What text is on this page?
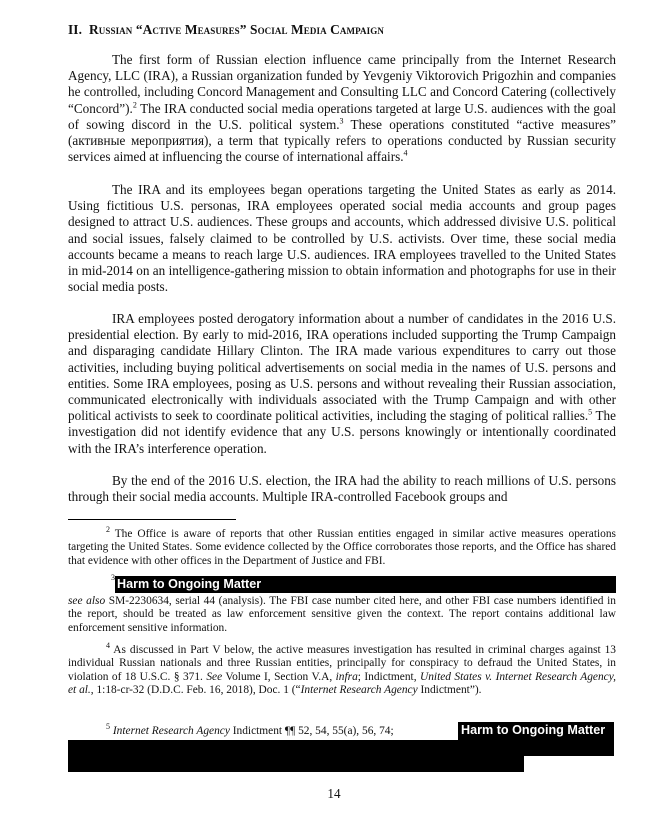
II. Russian “Active Measures” Social Media Campaign
The first form of Russian election influence came principally from the Internet Research Agency, LLC (IRA), a Russian organization funded by Yevgeniy Viktorovich Prigozhin and companies he controlled, including Concord Management and Consulting LLC and Concord Catering (collectively “Concord”).$^2$ The IRA conducted social media operations targeted at large U.S. audiences with the goal of sowing discord in the U.S. political system.$^3$ These operations constituted “active measures” (активные мероприятия), a term that typically refers to operations conducted by Russian security services aimed at influencing the course of international affairs.$^4$
The IRA and its employees began operations targeting the United States as early as 2014. Using fictitious U.S. personas, IRA employees operated social media accounts and group pages designed to attract U.S. audiences. These groups and accounts, which addressed divisive U.S. political and social issues, falsely claimed to be controlled by U.S. activists. Over time, these social media accounts became a means to reach large U.S. audiences. IRA employees travelled to the United States in mid-2014 on an intelligence-gathering mission to obtain information and photographs for use in their social media posts.
IRA employees posted derogatory information about a number of candidates in the 2016 U.S. presidential election. By early to mid-2016, IRA operations included supporting the Trump Campaign and disparaging candidate Hillary Clinton. The IRA made various expenditures to carry out those activities, including buying political advertisements on social media in the names of U.S. persons and entities. Some IRA employees, posing as U.S. persons and without revealing their Russian association, communicated electronically with individuals associated with the Trump Campaign and with other political activists to seek to coordinate political activities, including the staging of political rallies.$^5$ The investigation did not identify evidence that any U.S. persons knowingly or intentionally coordinated with the IRA’s interference operation.
By the end of the 2016 U.S. election, the IRA had the ability to reach millions of U.S. persons through their social media accounts. Multiple IRA-controlled Facebook groups and
$^2$ The Office is aware of reports that other Russian entities engaged in similar active measures operations targeting the United States. Some evidence collected by the Office corroborates those reports, and the Office has shared that evidence with other offices in the Department of Justice and FBI.
$^3$ Harm to Ongoing Matter
see also SM-2230634, serial 44 (analysis). The FBI case number cited here, and other FBI case numbers identified in the report, should be treated as law enforcement sensitive given the context. The report contains additional law enforcement sensitive information.
$^4$ As discussed in Part V below, the active measures investigation has resulted in criminal charges against 13 individual Russian nationals and three Russian entities, principally for conspiracy to defraud the United States, in violation of 18 U.S.C. § 371. See Volume I, Section V.A, infra; Indictment, United States v. Internet Research Agency, et al., 1:18-cr-32 (D.D.C. Feb. 16, 2018), Doc. 1 (“Internet Research Agency Indictment”).
$^5$ Internet Research Agency Indictment ¶¶ 52, 54, 55(a), 56, 74;	Harm to Ongoing Matter
14
